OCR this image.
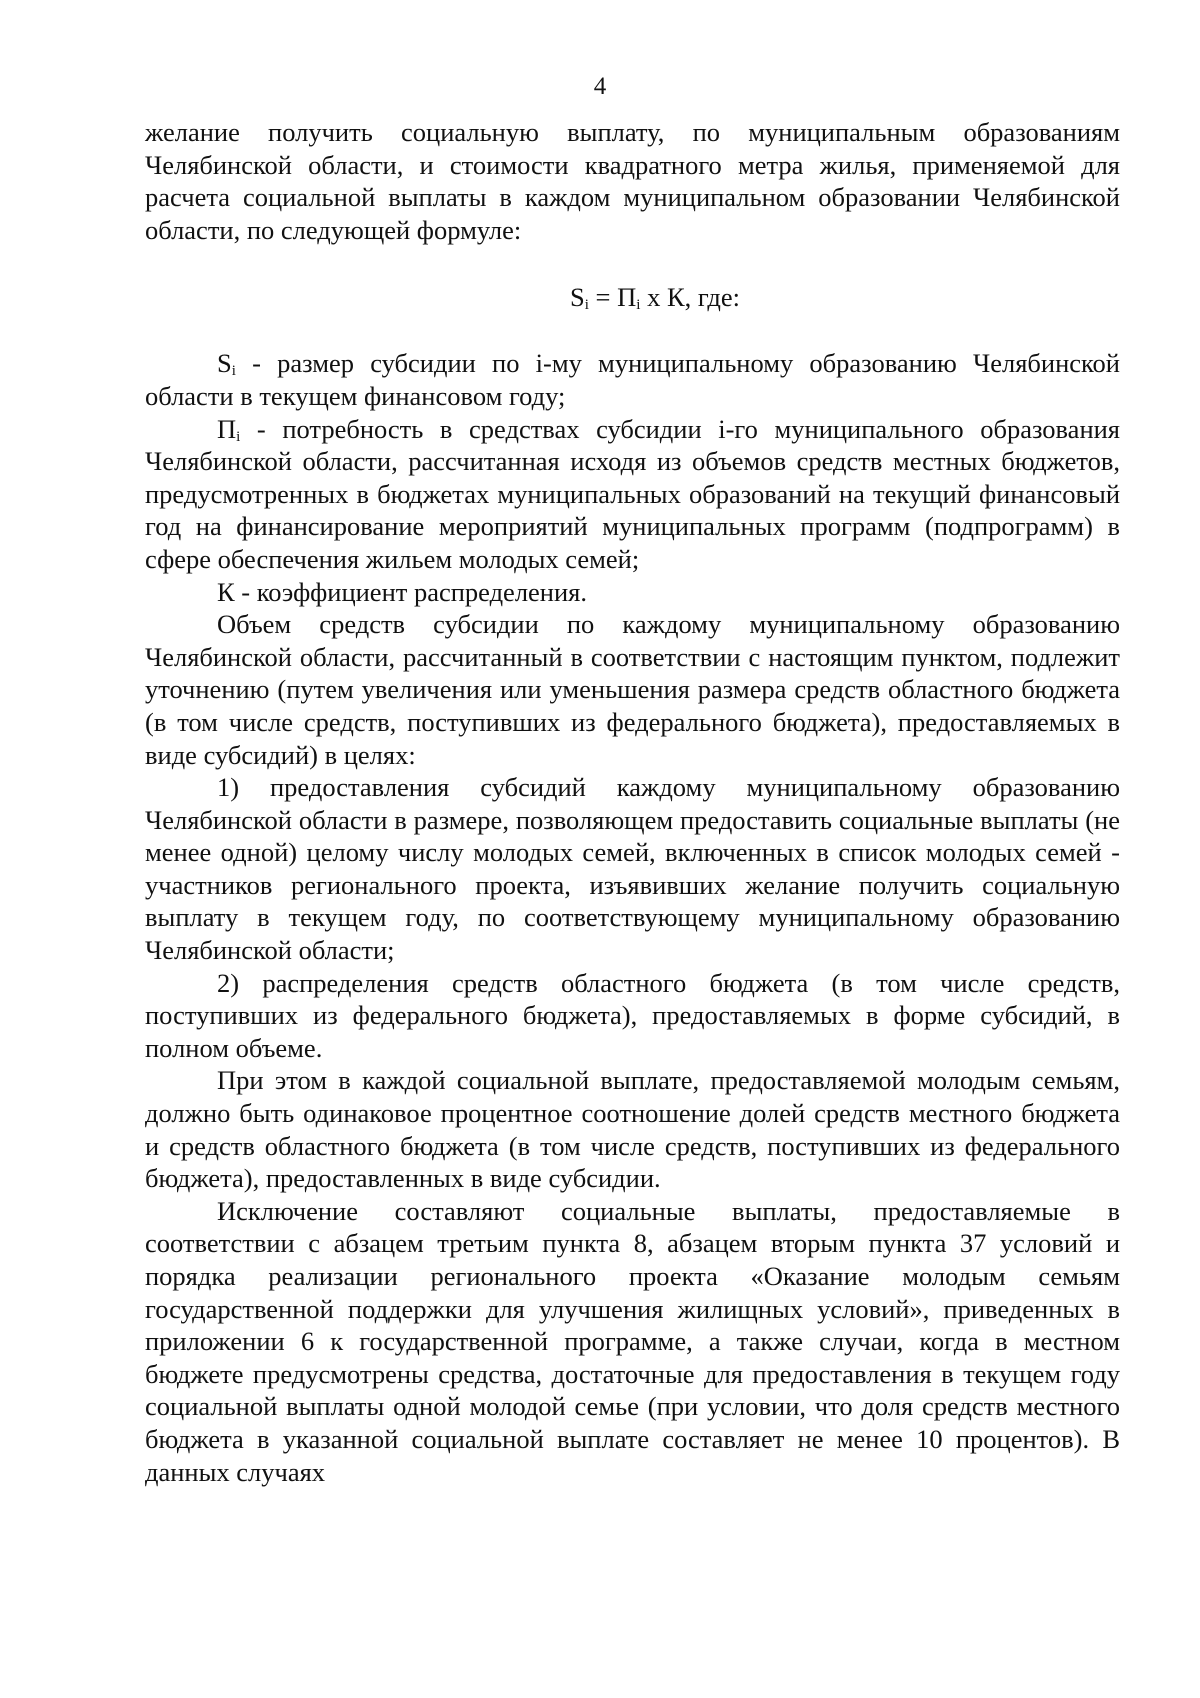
4

желание получить социальную выплату, по муниципальным образованиям Челябинской области, и стоимости квадратного метра жилья, применяемой для расчета социальной выплаты в каждом муниципальном образовании Челябинской области, по следующей формуле:

$S_i = П_i$ х К, где:

$S_i$ - размер субсидии по i-му муниципальному образованию Челябинской области в текущем финансовом году;

$П_i$ - потребность в средствах субсидии i-го муниципального образования Челябинской области, рассчитанная исходя из объемов средств местных бюджетов, предусмотренных в бюджетах муниципальных образований на текущий финансовый год на финансирование мероприятий муниципальных программ (подпрограмм) в сфере обеспечения жильем молодых семей;

К - коэффициент распределения.

Объем средств субсидии по каждому муниципальному образованию Челябинской области, рассчитанный в соответствии с настоящим пунктом, подлежит уточнению (путем увеличения или уменьшения размера средств областного бюджета (в том числе средств, поступивших из федерального бюджета), предоставляемых в виде субсидий) в целях:

1) предоставления субсидий каждому муниципальному образованию Челябинской области в размере, позволяющем предоставить социальные выплаты (не менее одной) целому числу молодых семей, включенных в список молодых семей - участников регионального проекта, изъявивших желание получить социальную выплату в текущем году, по соответствующему муниципальному образованию Челябинской области;

2) распределения средств областного бюджета (в том числе средств, поступивших из федерального бюджета), предоставляемых в форме субсидий, в полном объеме.

При этом в каждой социальной выплате, предоставляемой молодым семьям, должно быть одинаковое процентное соотношение долей средств местного бюджета и средств областного бюджета (в том числе средств, поступивших из федерального бюджета), предоставленных в виде субсидии.

Исключение составляют социальные выплаты, предоставляемые в соответствии с абзацем третьим пункта 8, абзацем вторым пункта 37 условий и порядка реализации регионального проекта «Оказание молодым семьям государственной поддержки для улучшения жилищных условий», приведенных в приложении 6 к государственной программе, а также случаи, когда в местном бюджете предусмотрены средства, достаточные для предоставления в текущем году социальной выплаты одной молодой семье (при условии, что доля средств местного бюджета в указанной социальной выплате составляет не менее 10 процентов). В данных случаях
